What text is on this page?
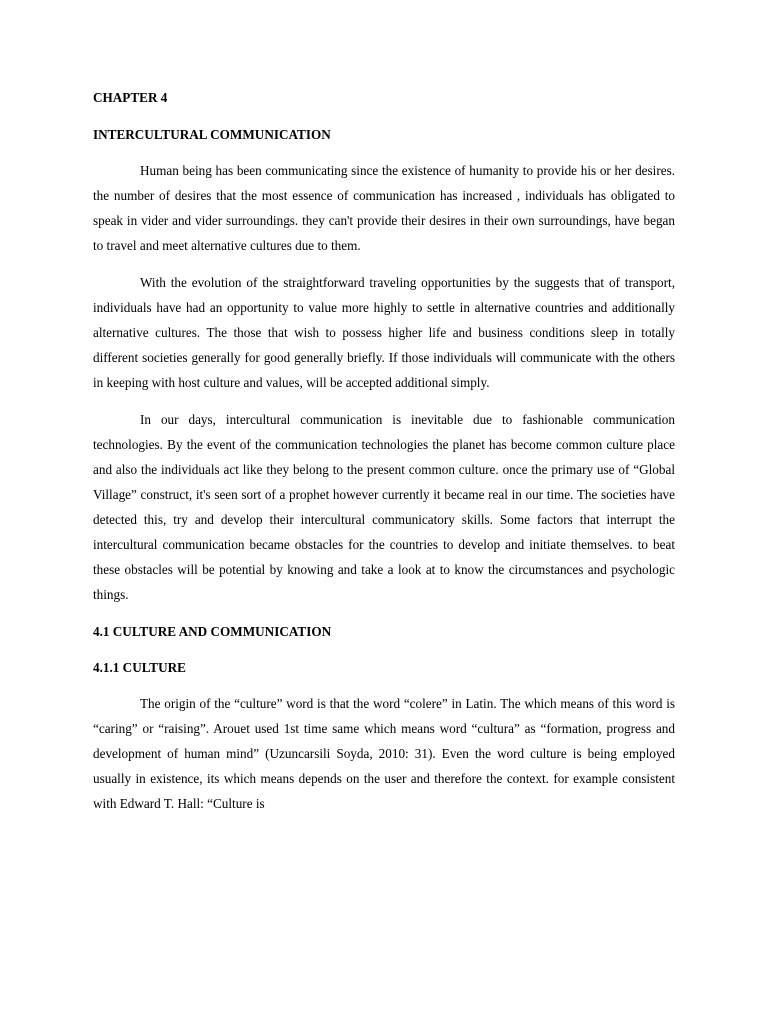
CHAPTER 4

INTERCULTURAL COMMUNICATION

Human being has been communicating since the existence of humanity to provide his or her desires. the number of desires that the most essence of communication has increased , individuals has obligated to speak in vider and vider surroundings. they can't provide their desires in their own surroundings, have began to travel and meet alternative cultures due to them.

With the evolution of the straightforward traveling opportunities by the suggests that of transport, individuals have had an opportunity to value more highly to settle in alternative countries and additionally alternative cultures. The those that wish to possess higher life and business conditions sleep in totally different societies generally for good generally briefly. If those individuals will communicate with the others in keeping with host culture and values, will be accepted additional simply.

In our days, intercultural communication is inevitable due to fashionable communication technologies. By the event of the communication technologies the planet has become common culture place and also the individuals act like they belong to the present common culture. once the primary use of “Global Village” construct, it's seen sort of a prophet however currently it became real in our time. The societies have detected this, try and develop their intercultural communicatory skills. Some factors that interrupt the intercultural communication became obstacles for the countries to develop and initiate themselves. to beat these obstacles will be potential by knowing and take a look at to know the circumstances and psychologic things.

4.1 CULTURE AND COMMUNICATION

4.1.1 CULTURE

The origin of the “culture” word is that the word “colere” in Latin. The which means of this word is “caring” or “raising”. Arouet used 1st time same which means word “cultura” as “formation, progress and development of human mind” (Uzuncarsili Soyda, 2010: 31). Even the word culture is being employed usually in existence, its which means depends on the user and therefore the context. for example consistent with Edward T. Hall: “Culture is
